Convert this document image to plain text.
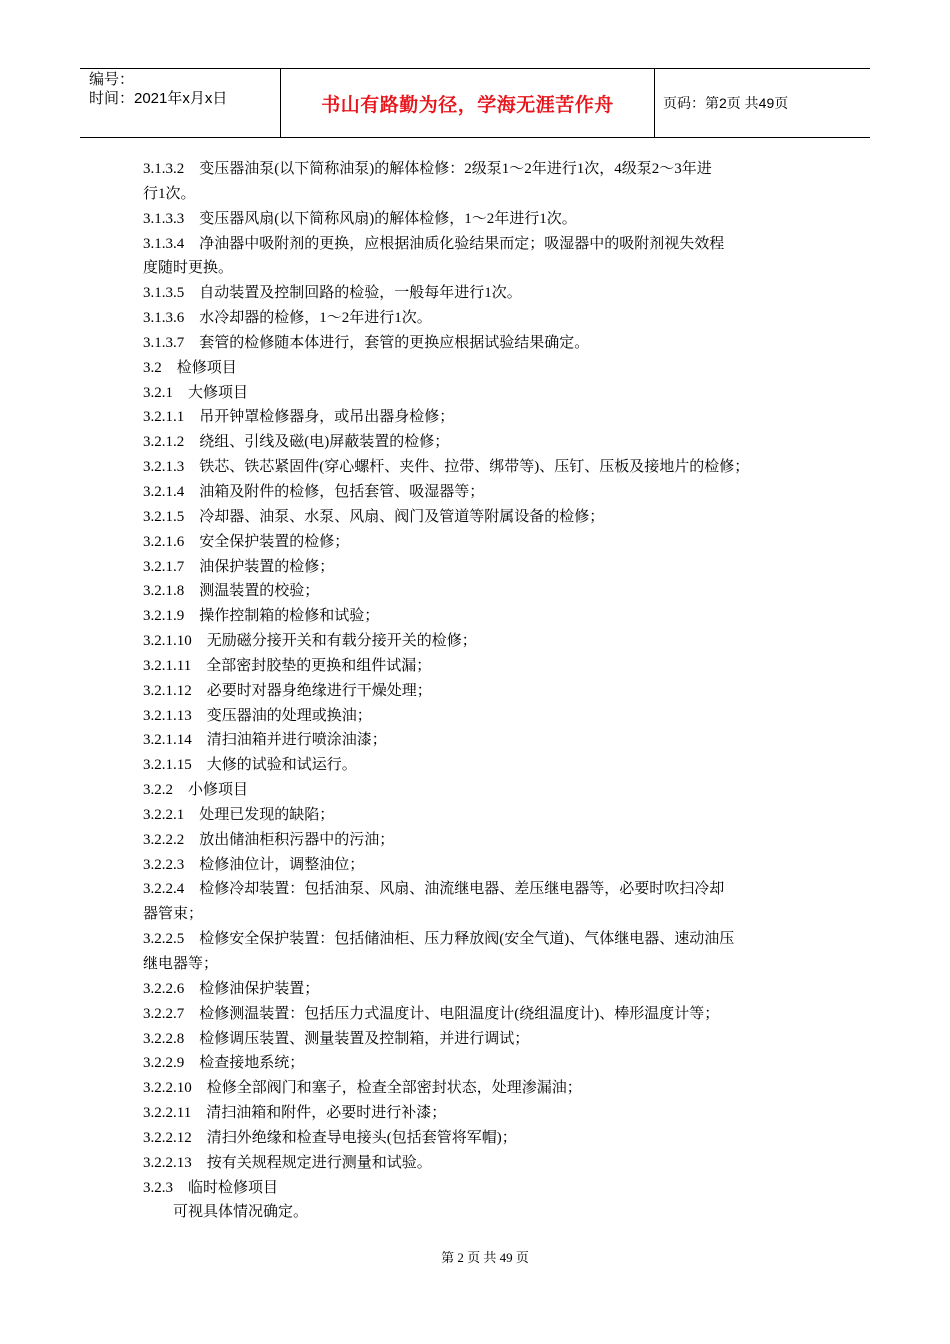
编号：
时间：2021年x月x日	书山有路勤为径，学海无涯苦作舟	页码：第2页 共49页

3.1.3.2　变压器油泵(以下简称油泵)的解体检修：2级泵1～2年进行1次，4级泵2～3年进

行1次。

3.1.3.3　变压器风扇(以下简称风扇)的解体检修，1～2年进行1次。

3.1.3.4　净油器中吸附剂的更换，应根据油质化验结果而定；吸湿器中的吸附剂视失效程

度随时更换。

3.1.3.5　自动装置及控制回路的检验，一般每年进行1次。

3.1.3.6　水冷却器的检修，1～2年进行1次。

3.1.3.7　套管的检修随本体进行，套管的更换应根据试验结果确定。

3.2　检修项目

3.2.1　大修项目

3.2.1.1　吊开钟罩检修器身，或吊出器身检修；

3.2.1.2　绕组、引线及磁(电)屏蔽装置的检修；

3.2.1.3　铁芯、铁芯紧固件(穿心螺杆、夹件、拉带、绑带等)、压钉、压板及接地片的检修；

3.2.1.4　油箱及附件的检修，包括套管、吸湿器等；

3.2.1.5　冷却器、油泵、水泵、风扇、阀门及管道等附属设备的检修；

3.2.1.6　安全保护装置的检修；

3.2.1.7　油保护装置的检修；

3.2.1.8　测温装置的校验；

3.2.1.9　操作控制箱的检修和试验；

3.2.1.10　无励磁分接开关和有载分接开关的检修；

3.2.1.11　全部密封胶垫的更换和组件试漏；

3.2.1.12　必要时对器身绝缘进行干燥处理；

3.2.1.13　变压器油的处理或换油；

3.2.1.14　清扫油箱并进行喷涂油漆；

3.2.1.15　大修的试验和试运行。

3.2.2　小修项目

3.2.2.1　处理已发现的缺陷；

3.2.2.2　放出储油柜积污器中的污油；

3.2.2.3　检修油位计，调整油位；

3.2.2.4　检修冷却装置：包括油泵、风扇、油流继电器、差压继电器等，必要时吹扫冷却

器管束；

3.2.2.5　检修安全保护装置：包括储油柜、压力释放阀(安全气道)、气体继电器、速动油压

继电器等；

3.2.2.6　检修油保护装置；

3.2.2.7　检修测温装置：包括压力式温度计、电阻温度计(绕组温度计)、棒形温度计等；

3.2.2.8　检修调压装置、测量装置及控制箱，并进行调试；

3.2.2.9　检查接地系统；

3.2.2.10　检修全部阀门和塞子，检查全部密封状态，处理渗漏油；

3.2.2.11　清扫油箱和附件，必要时进行补漆；

3.2.2.12　清扫外绝缘和检查导电接头(包括套管将军帽)；

3.2.2.13　按有关规程规定进行测量和试验。

3.2.3　临时检修项目

　　可视具体情况确定。

第 2 页 共 49 页
